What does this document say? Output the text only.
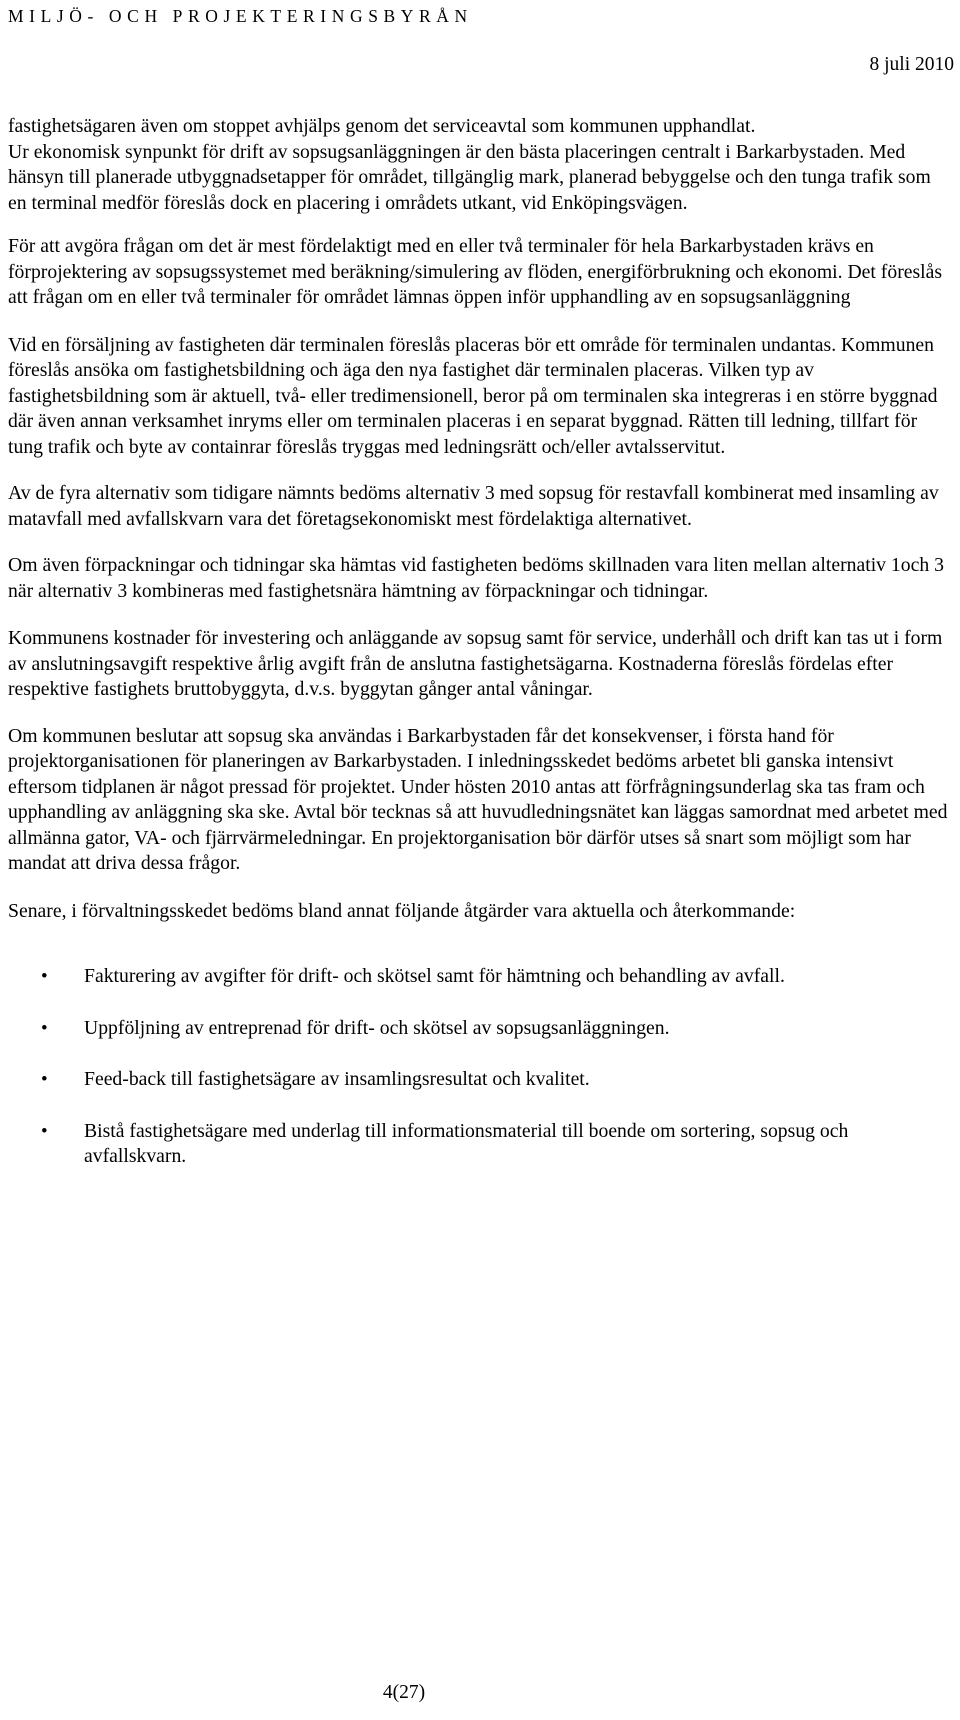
MILJÖ- OCH PROJEKTERINGSBYRÅN
8 juli 2010

fastighetsägaren även om stoppet avhjälps genom det serviceavtal som kommunen upphandlat.

Ur ekonomisk synpunkt för drift av sopsugsanläggningen är den bästa placeringen centralt i Barkarbystaden. Med hänsyn till planerade utbyggnadsetapper för området, tillgänglig mark, planerad bebyggelse och den tunga trafik som en terminal medför föreslås dock en placering i områdets utkant, vid Enköpingsvägen.

För att avgöra frågan om det är mest fördelaktigt med en eller två terminaler för hela Barkarbystaden krävs en förprojektering av sopsugssystemet med beräkning/simulering av flöden, energiförbrukning och ekonomi. Det föreslås att frågan om en eller två terminaler för området lämnas öppen inför upphandling av en sopsugsanläggning

Vid en försäljning av fastigheten där terminalen föreslås placeras bör ett område för terminalen undantas. Kommunen föreslås ansöka om fastighetsbildning och äga den nya fastighet där terminalen placeras. Vilken typ av fastighetsbildning som är aktuell, två- eller tredimensionell, beror på om terminalen ska integreras i en större byggnad där även annan verksamhet inryms eller om terminalen placeras i en separat byggnad. Rätten till ledning, tillfart för tung trafik och byte av containrar föreslås tryggas med ledningsrätt och/eller avtalsservitut.

Av de fyra alternativ som tidigare nämnts bedöms alternativ 3 med sopsug för restavfall kombinerat med insamling av matavfall med avfallskvarn vara det företagsekonomiskt mest fördelaktiga alternativet.

Om även förpackningar och tidningar ska hämtas vid fastigheten bedöms skillnaden vara liten mellan alternativ 1och 3 när alternativ 3 kombineras med fastighetsnära hämtning av förpackningar och tidningar.

Kommunens kostnader för investering och anläggande av sopsug samt för service, underhåll och drift kan tas ut i form av anslutningsavgift respektive årlig avgift från de anslutna fastighetsägarna. Kostnaderna föreslås fördelas efter respektive fastighets bruttobyggyta, d.v.s. byggytan gånger antal våningar.

Om kommunen beslutar att sopsug ska användas i Barkarbystaden får det konsekvenser, i första hand för projektorganisationen för planeringen av Barkarbystaden. I inledningsskedet bedöms arbetet bli ganska intensivt eftersom tidplanen är något pressad för projektet. Under hösten 2010 antas att förfrågningsunderlag ska tas fram och upphandling av anläggning ska ske. Avtal bör tecknas så att huvudledningsnätet kan läggas samordnat med arbetet med allmänna gator, VA- och fjärrvärmeledningar. En projektorganisation bör därför utses så snart som möjligt som har mandat att driva dessa frågor.

Senare, i förvaltningsskedet bedöms bland annat följande åtgärder vara aktuella och återkommande:

• Fakturering av avgifter för drift- och skötsel samt för hämtning och behandling av avfall.
• Uppföljning av entreprenad för drift- och skötsel av sopsugsanläggningen.
• Feed-back till fastighetsägare av insamlingsresultat och kvalitet.
• Bistå fastighetsägare med underlag till informationsmaterial till boende om sortering, sopsug och avfallskvarn.
4(27)
